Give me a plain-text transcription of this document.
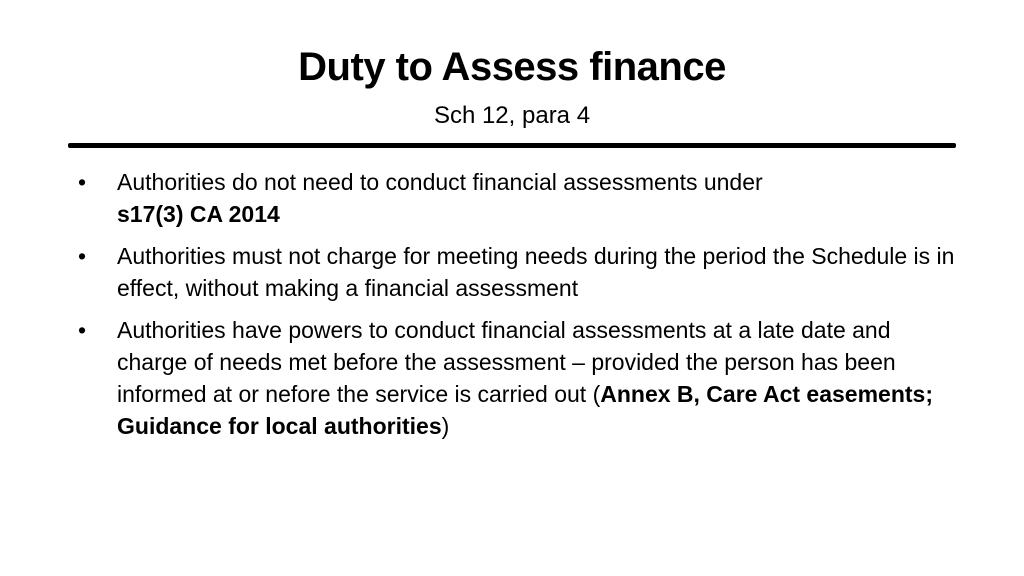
Duty to Assess finance
Sch 12, para 4
• Authorities do not need to conduct financial assessments under
s17(3) CA 2014
• Authorities must not charge for meeting needs during the period the Schedule is in effect, without making a financial assessment
• Authorities have powers to conduct financial assessments at a late date and charge of needs met before the assessment – provided the person has been informed at or nefore the service is carried out (Annex B, Care Act easements; Guidance for local authorities)
